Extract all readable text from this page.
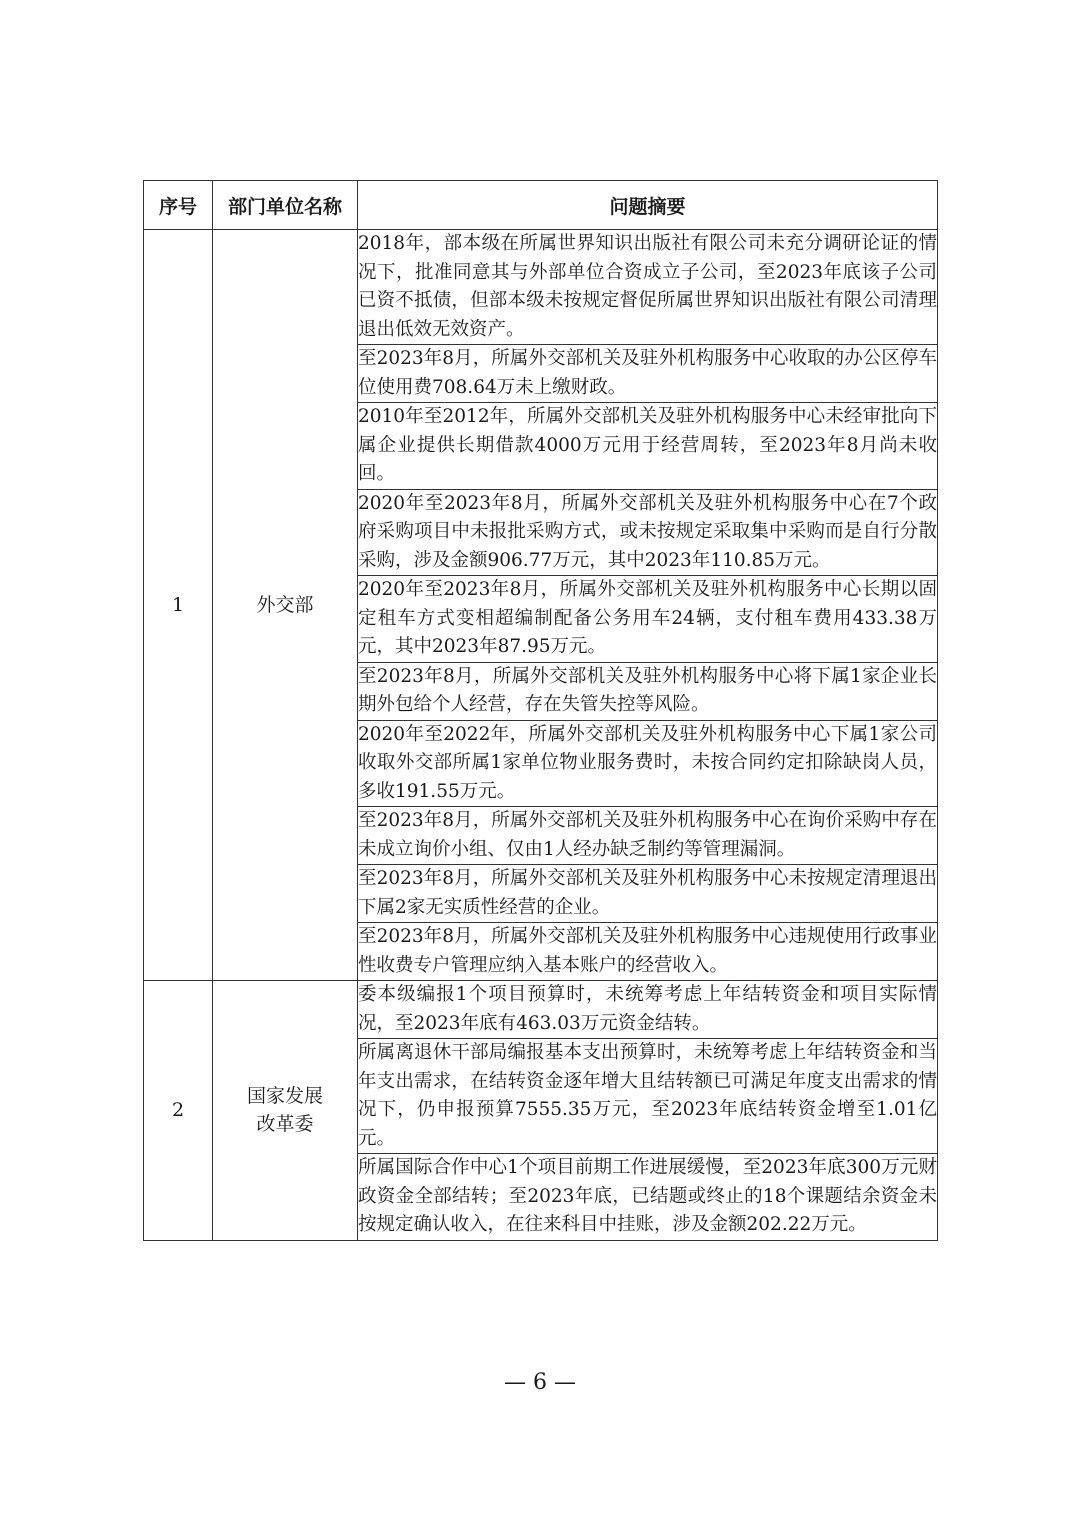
序号	部门单位名称	问题摘要
1	外交部	2018年，部本级在所属世界知识出版社有限公司未充分调研论证的情况下，批准同意其与外部单位合资成立子公司，至2023年底该子公司已资不抵债，但部本级未按规定督促所属世界知识出版社有限公司清理退出低效无效资产。
		至2023年8月，所属外交部机关及驻外机构服务中心收取的办公区停车位使用费708.64万未上缴财政。
		2010年至2012年，所属外交部机关及驻外机构服务中心未经审批向下属企业提供长期借款4000万元用于经营周转，至2023年8月尚未收回。
		2020年至2023年8月，所属外交部机关及驻外机构服务中心在7个政府采购项目中未报批采购方式，或未按规定采取集中采购而是自行分散采购，涉及金额906.77万元，其中2023年110.85万元。
		2020年至2023年8月，所属外交部机关及驻外机构服务中心长期以固定租车方式变相超编制配备公务用车24辆，支付租车费用433.38万元，其中2023年87.95万元。
		至2023年8月，所属外交部机关及驻外机构服务中心将下属1家企业长期外包给个人经营，存在失管失控等风险。
		2020年至2022年，所属外交部机关及驻外机构服务中心下属1家公司收取外交部所属1家单位物业服务费时，未按合同约定扣除缺岗人员，多收191.55万元。
		至2023年8月，所属外交部机关及驻外机构服务中心在询价采购中存在未成立询价小组、仅由1人经办缺乏制约等管理漏洞。
		至2023年8月，所属外交部机关及驻外机构服务中心未按规定清理退出下属2家无实质性经营的企业。
		至2023年8月，所属外交部机关及驻外机构服务中心违规使用行政事业性收费专户管理应纳入基本账户的经营收入。
2	国家发展改革委	委本级编报1个项目预算时，未统筹考虑上年结转资金和项目实际情况，至2023年底有463.03万元资金结转。
		所属离退休干部局编报基本支出预算时，未统筹考虑上年结转资金和当年支出需求，在结转资金逐年增大且结转额已可满足年度支出需求的情况下，仍申报预算7555.35万元，至2023年底结转资金增至1.01亿元。
		所属国际合作中心1个项目前期工作进展缓慢，至2023年底300万元财政资金全部结转；至2023年底，已结题或终止的18个课题结余资金未按规定确认收入，在往来科目中挂账，涉及金额202.22万元。
— 6 —
